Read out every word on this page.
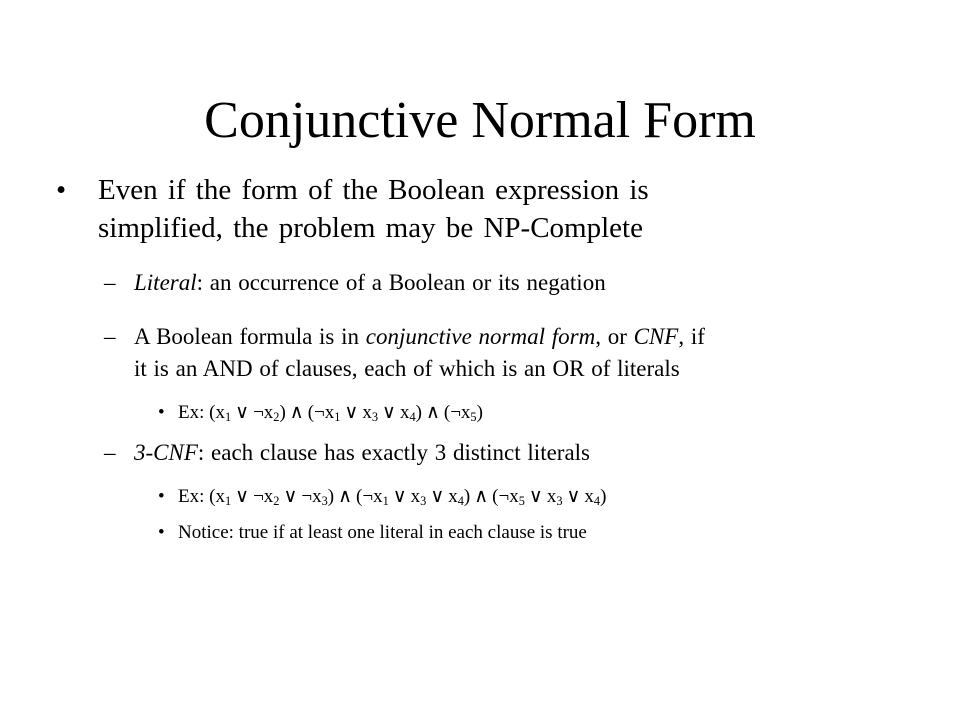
Conjunctive Normal Form
• Even if the form of the Boolean expression is
simplified, the problem may be NP-Complete
– Literal: an occurrence of a Boolean or its negation
– A Boolean formula is in conjunctive normal form, or CNF, if
it is an AND of clauses, each of which is an OR of literals
• Ex: ($x_1$ ∨ $\neg x_2$) ∧ ($\neg x_1$ ∨ $x_3$ ∨ $x_4$) ∧ $(\neg x_5)$
– 3-CNF: each clause has exactly 3 distinct literals
• Ex: ($x_1$ ∨ $\neg x_2$ ∨ $\neg x_3$) ∧ ($\neg x_1$ ∨ $x_3$ ∨ $x_4$) ∧ ($\neg x_5$ ∨ $x_3$ ∨ $x_4$)
• Notice: true if at least one literal in each clause is true
